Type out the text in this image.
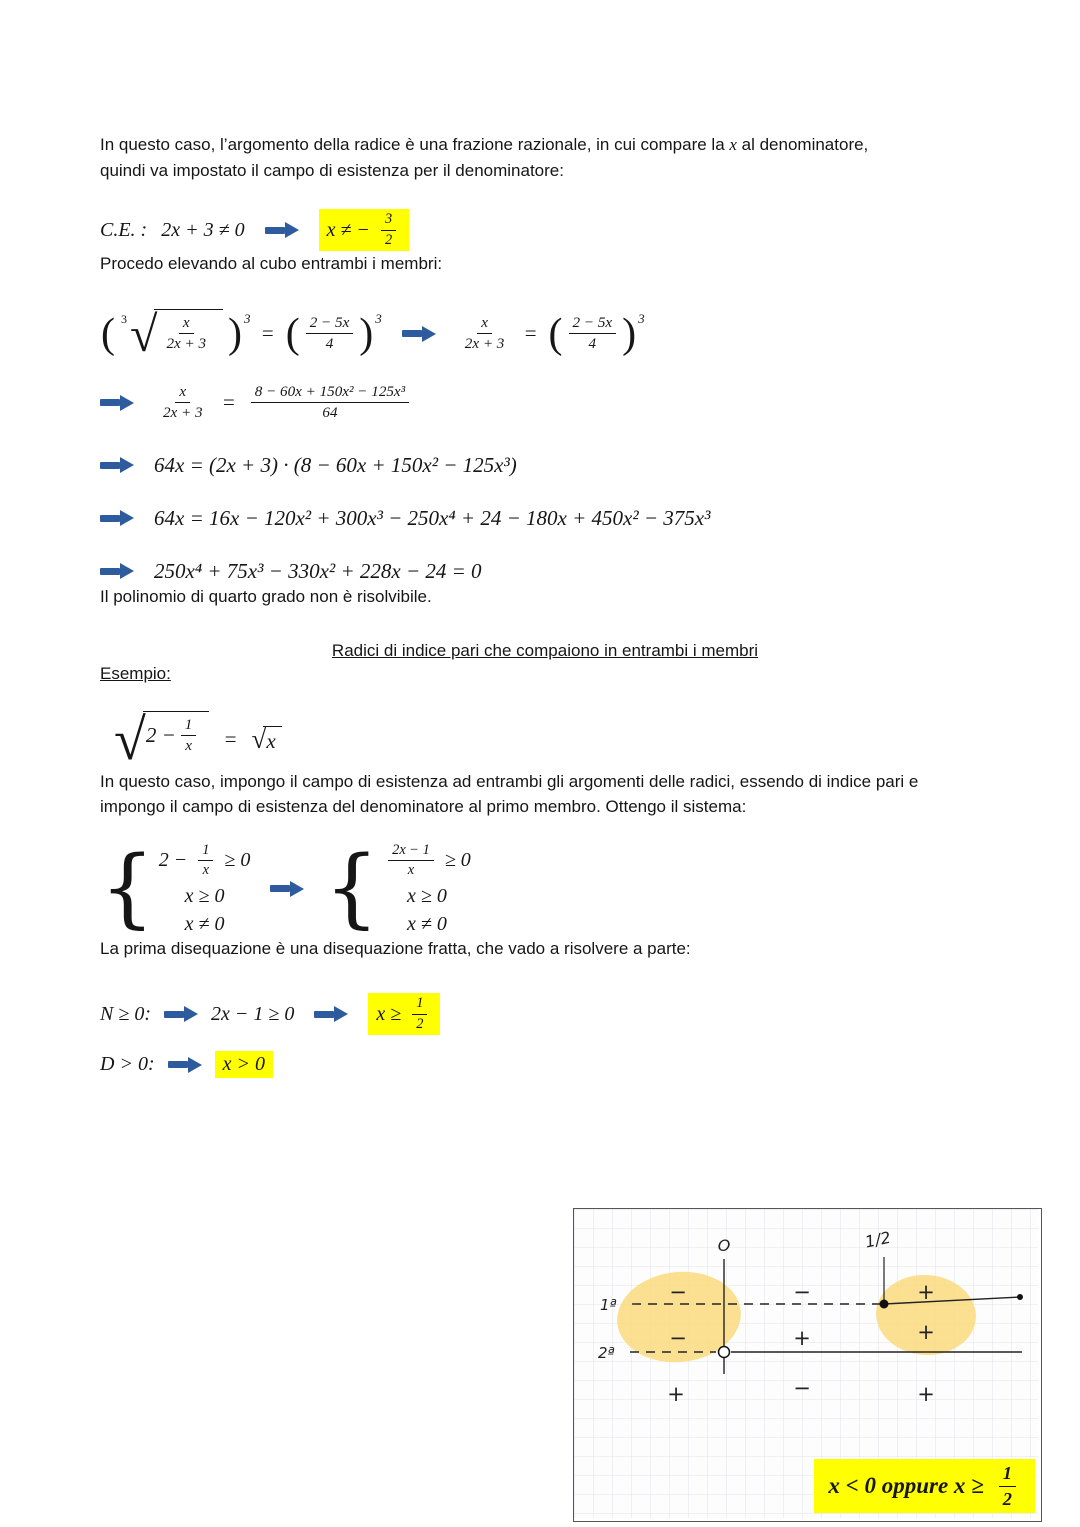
In questo caso, l’argomento della radice è una frazione razionale, in cui compare la x al denominatore, quindi va impostato il campo di esistenza per il denominatore:

C.E. : 2x + 3 ≠ 0	x ≠ − $\frac{3}{2}$

Procedo elevando al cubo entrambi i membri:

( 3 √ $\frac{x}{2x + 3}$ ) 3
= ( $\frac{2 - 5x}{4}$ ) 3	$\frac{x}{2x + 3}$ = ( $\frac{2 - 5x}{4}$ ) 3
$\frac{x}{2x + 3} = \frac{\text{8 − 60x + 150x² − 125x³}}{64}$
64x = (2x + 3) · (8 − 60x + 150x² − 125x³)
64x = 16x − 120x² + 300x³ − 250x⁴ + 24 − 180x + 450x² − 375x³
250x⁴ + 75x³ − 330x² + 228x − 24 = 0

Il polinomio di quarto grado non è risolvibile.

Radici di indice pari che compaiono in entrambi i membri

Esempio:

√ $2 - \frac{1}{x}$ = √ x

In questo caso, impongo il campo di esistenza ad entrambi gli argomenti delle radici, essendo di indice pari e impongo il campo di esistenza del denominatore al primo membro. Ottengo il sistema:

{ $2 - \frac{1}{x} \ge 0$
x ≥ 0
x ≠ 0 { $\frac{2x - 1}{x} \ge 0$
x ≥ 0
x ≠ 0

La prima disequazione è una disequazione fratta, che vado a risolvere a parte:

N ≥ 0:	2x − 1 ≥ 0	$x \ge \frac{1}{2}$
D > 0:	x > 0
O	1/2
1ª
2ª
−	−	+
−	+	+
+	−	+
x < 0 oppure $x \ge \frac{1}{2}$
